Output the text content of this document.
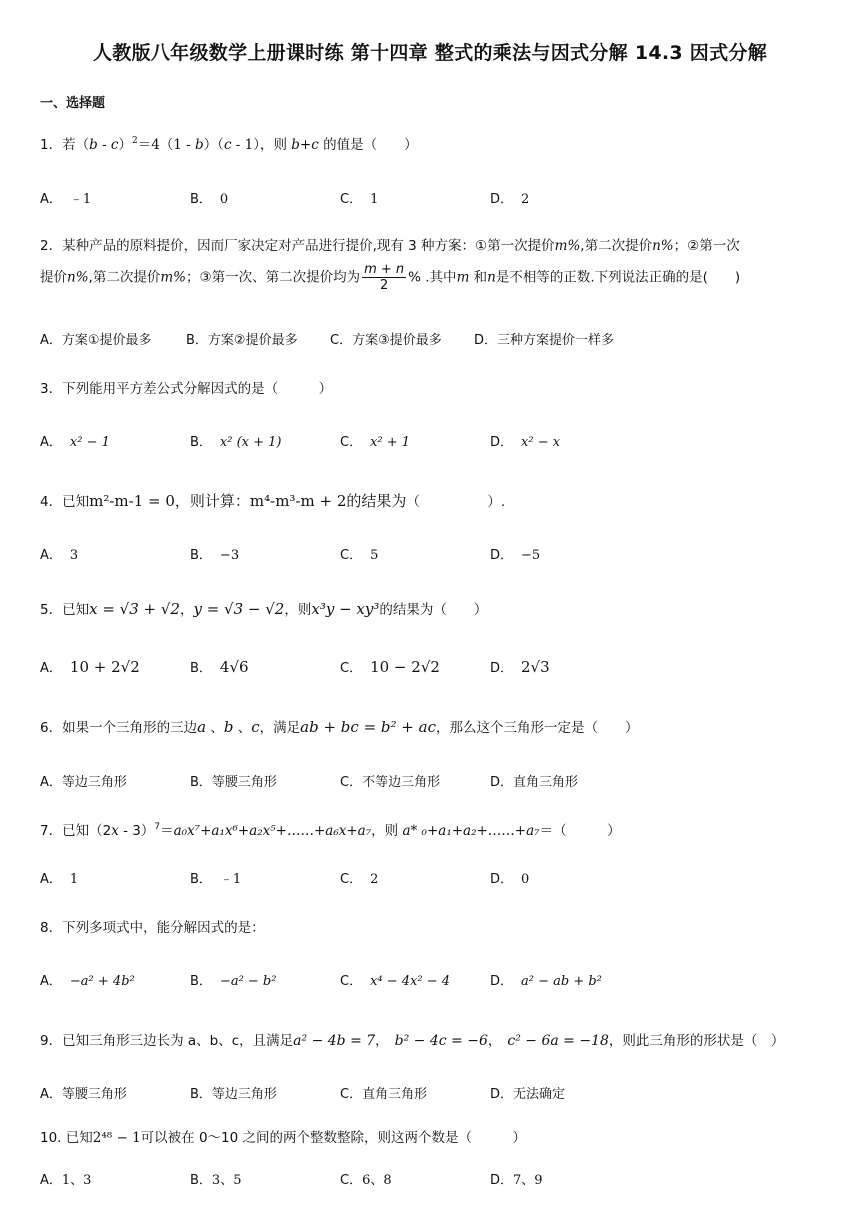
人教版八年级数学上册课时练 第十四章 整式的乘法与因式分解 14.3 因式分解
一、选择题
1．若（b - c）$^2$＝4（1 - b）（c - 1），则 b+c 的值是（　　）
A． ﹣1	B． 0	C． 1	D． 2
2．某种产品的原料提价，因而厂家决定对产品进行提价,现有 3 种方案：①第一次提价m%,第二次提价n%；②第一次
提价n%,第二次提价m%；③第一次、第二次提价均为 $\frac{m + n}{2}$ % .其中m 和n是不相等的正数.下列说法正确的是(　　)
A．方案①提价最多	B．方案②提价最多 C．方案③提价最多 D．三种方案提价一样多
3．下列能用平方差公式分解因式的是（　　　）
A． x² − 1	B． x² (x + 1)	C． x² + 1	D． x² − x
4．已知m²-m-1 = 0，则计算：m⁴-m³-m + 2的结果为（　　　　　）.
A． 3	B． −3	C． 5	D． −5
5．已知x = √3 + √2，y = √3 − √2，则x³y − xy³的结果为（　　）
A． 10 + 2√2	B． 4√6	C． 10 − 2√2	D． 2√3
6．如果一个三角形的三边a 、b 、c，满足ab + bc = b² + ac，那么这个三角形一定是（　　）
A．等边三角形	B．等腰三角形	C．不等边三角形	D．直角三角形
7．已知（2x - 3）$^7$＝a₀x⁷+a₁x⁶+a₂x⁵+……+a₆x+a₇，则 a* ₀+a₁+a₂+……+a₇＝（　　　）
A． 1	B． ﹣1	C． 2	D． 0
8．下列多项式中，能分解因式的是：
A． −a² + 4b²	B． −a² − b²	C． x⁴ − 4x² − 4	D． a² − ab + b²
9．已知三角形三边长为 a、b、c，且满足a² − 4b = 7， b² − 4c = −6， c² − 6a = −18，则此三角形的形状是（　）
A．等腰三角形	B．等边三角形	C．直角三角形	D．无法确定
10. 已知2⁴⁸ − 1可以被在 0～10 之间的两个整数整除，则这两个数是（　　　）
A．1、3	B．3、5	C．6、8	D．7、9
